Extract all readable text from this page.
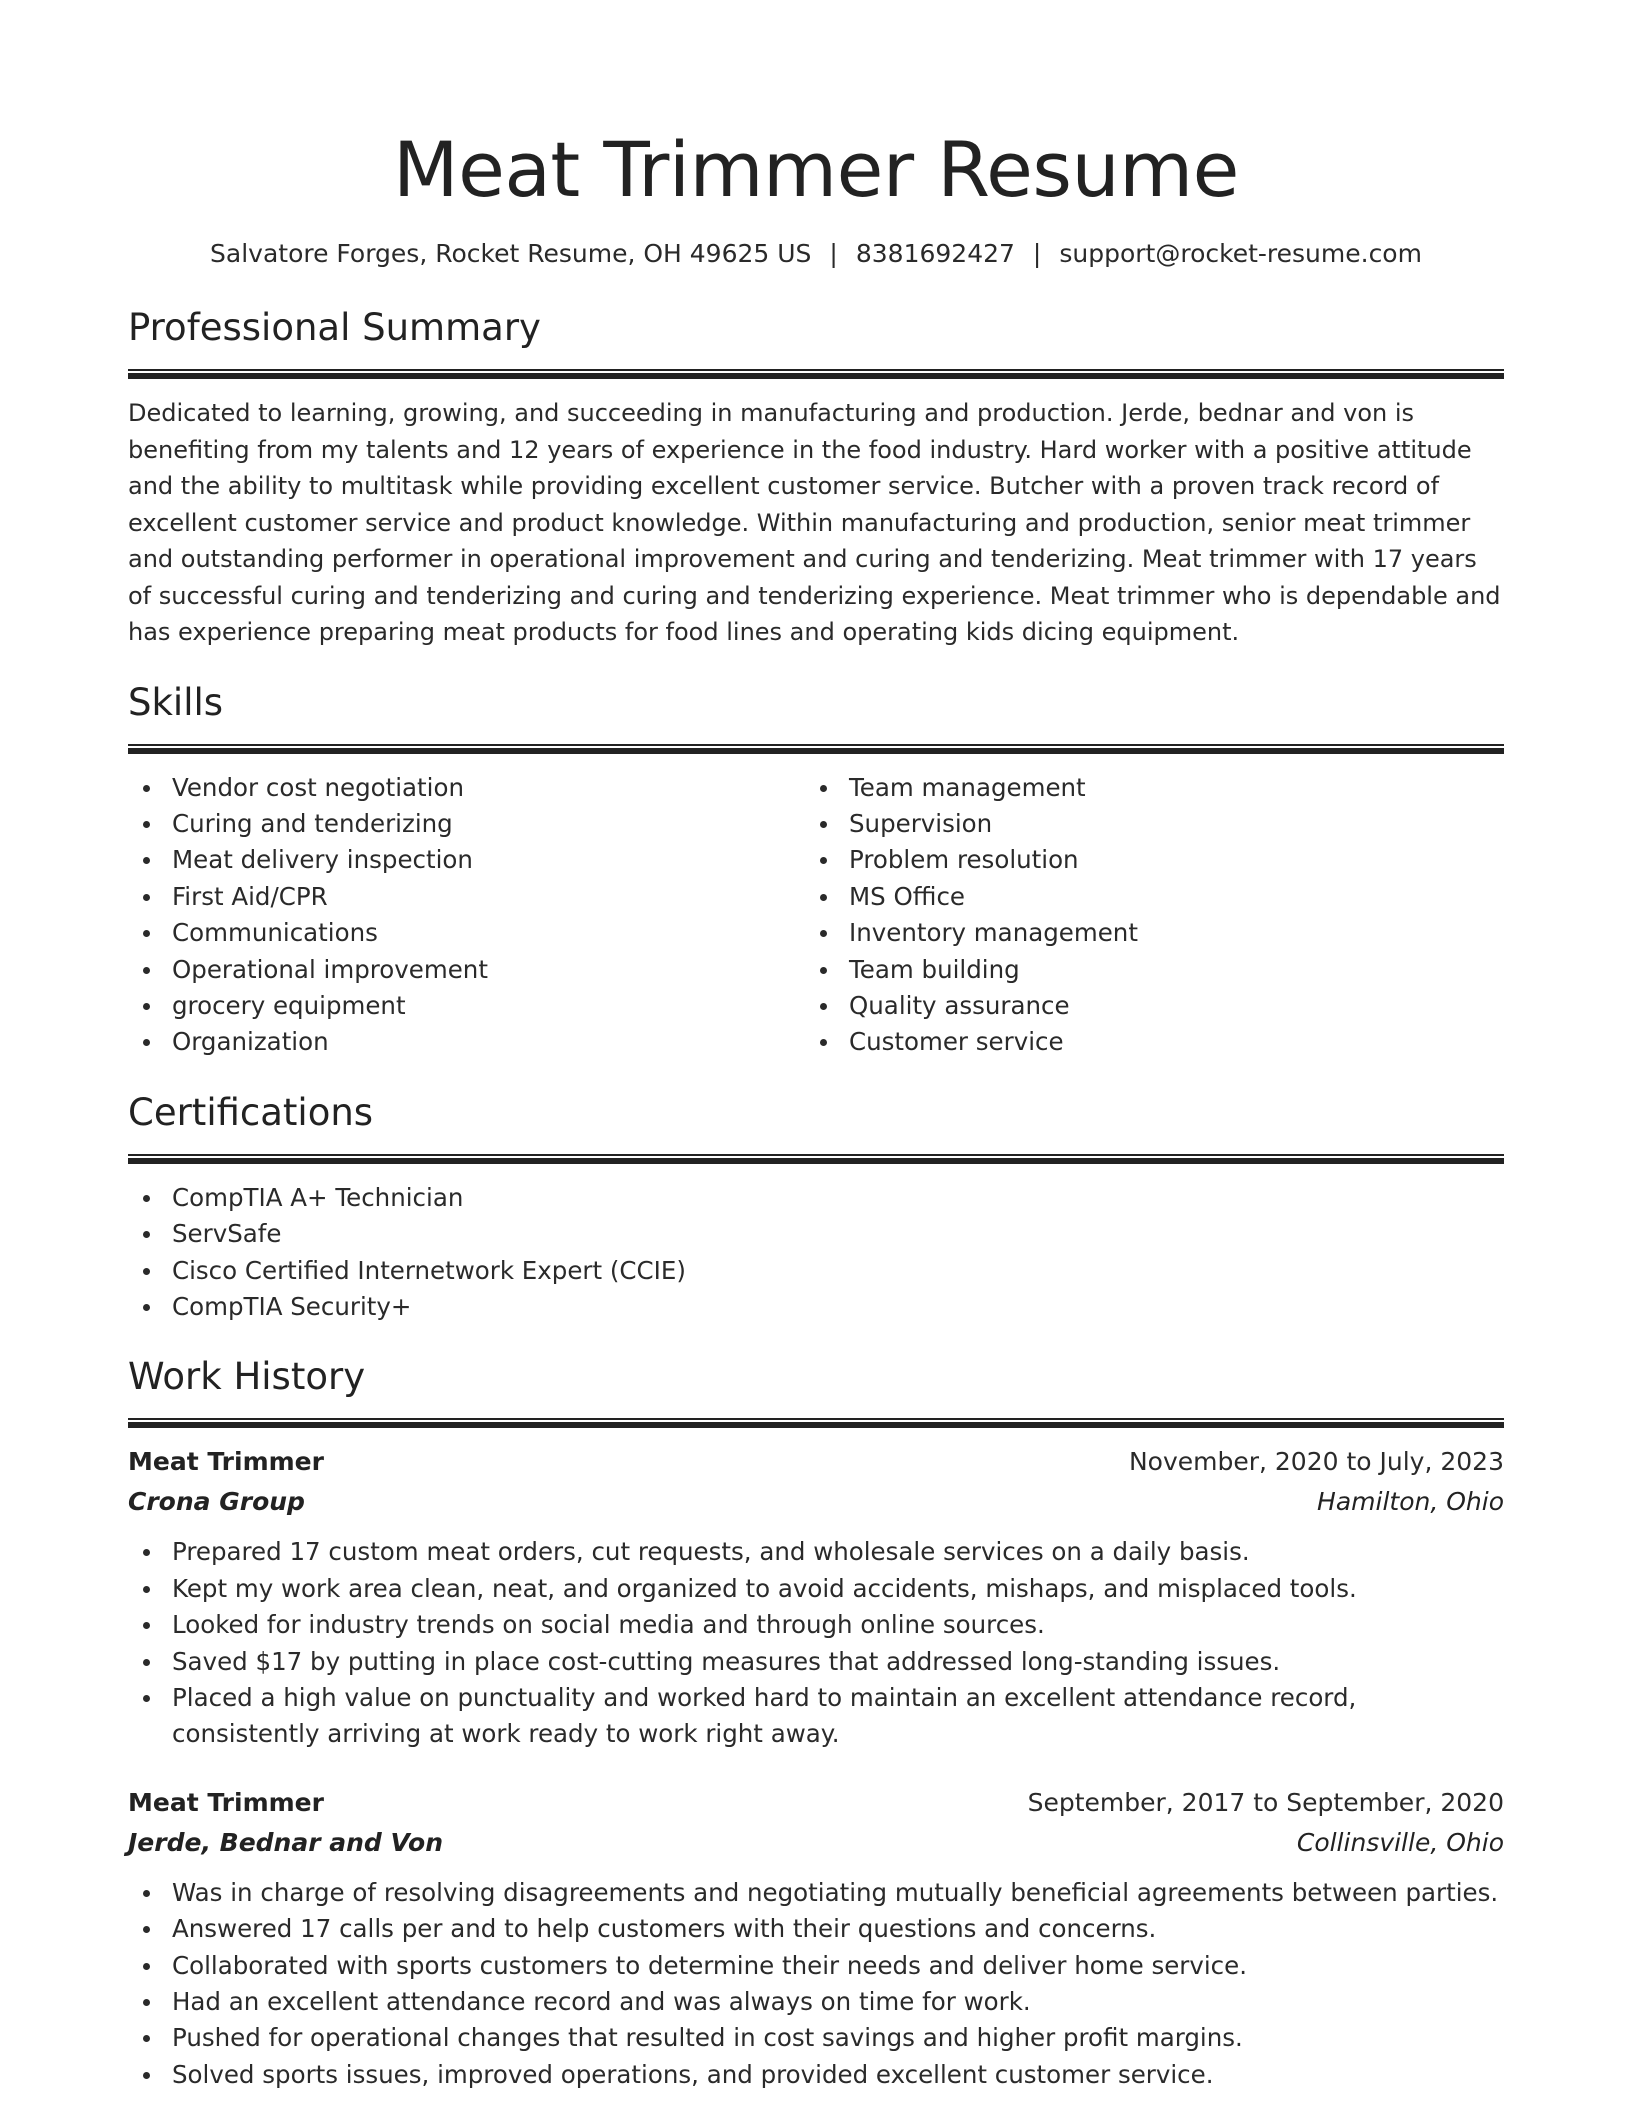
Meat Trimmer Resume
Salvatore Forges, Rocket Resume, OH 49625 US | 8381692427 | support@rocket-resume.com
Professional Summary

Dedicated to learning, growing, and succeeding in manufacturing and production. Jerde, bednar and von is benefiting from my talents and 12 years of experience in the food industry. Hard worker with a positive attitude and the ability to multitask while providing excellent customer service. Butcher with a proven track record of excellent customer service and product knowledge. Within manufacturing and production, senior meat trimmer and outstanding performer in operational improvement and curing and tenderizing. Meat trimmer with 17 years of successful curing and tenderizing and curing and tenderizing experience. Meat trimmer who is dependable and has experience preparing meat products for food lines and operating kids dicing equipment.

Skills
Vendor cost negotiation
Curing and tenderizing
Meat delivery inspection
First Aid/CPR
Communications
Operational improvement
grocery equipment
Organization
Team management
Supervision
Problem resolution
MS Office
Inventory management
Team building
Quality assurance
Customer service
Certifications
CompTIA A+ Technician
ServSafe
Cisco Certified Internetwork Expert (CCIE)
CompTIA Security+
Work History
Meat Trimmer	November, 2020 to July, 2023
Crona Group	Hamilton, Ohio
Prepared 17 custom meat orders, cut requests, and wholesale services on a daily basis.
Kept my work area clean, neat, and organized to avoid accidents, mishaps, and misplaced tools.
Looked for industry trends on social media and through online sources.
Saved $17 by putting in place cost-cutting measures that addressed long-standing issues.
Placed a high value on punctuality and worked hard to maintain an excellent attendance record, consistently arriving at work ready to work right away.
Meat Trimmer	September, 2017 to September, 2020
Jerde, Bednar and Von	Collinsville, Ohio
Was in charge of resolving disagreements and negotiating mutually beneficial agreements between parties.
Answered 17 calls per and to help customers with their questions and concerns.
Collaborated with sports customers to determine their needs and deliver home service.
Had an excellent attendance record and was always on time for work.
Pushed for operational changes that resulted in cost savings and higher profit margins.
Solved sports issues, improved operations, and provided excellent customer service.
